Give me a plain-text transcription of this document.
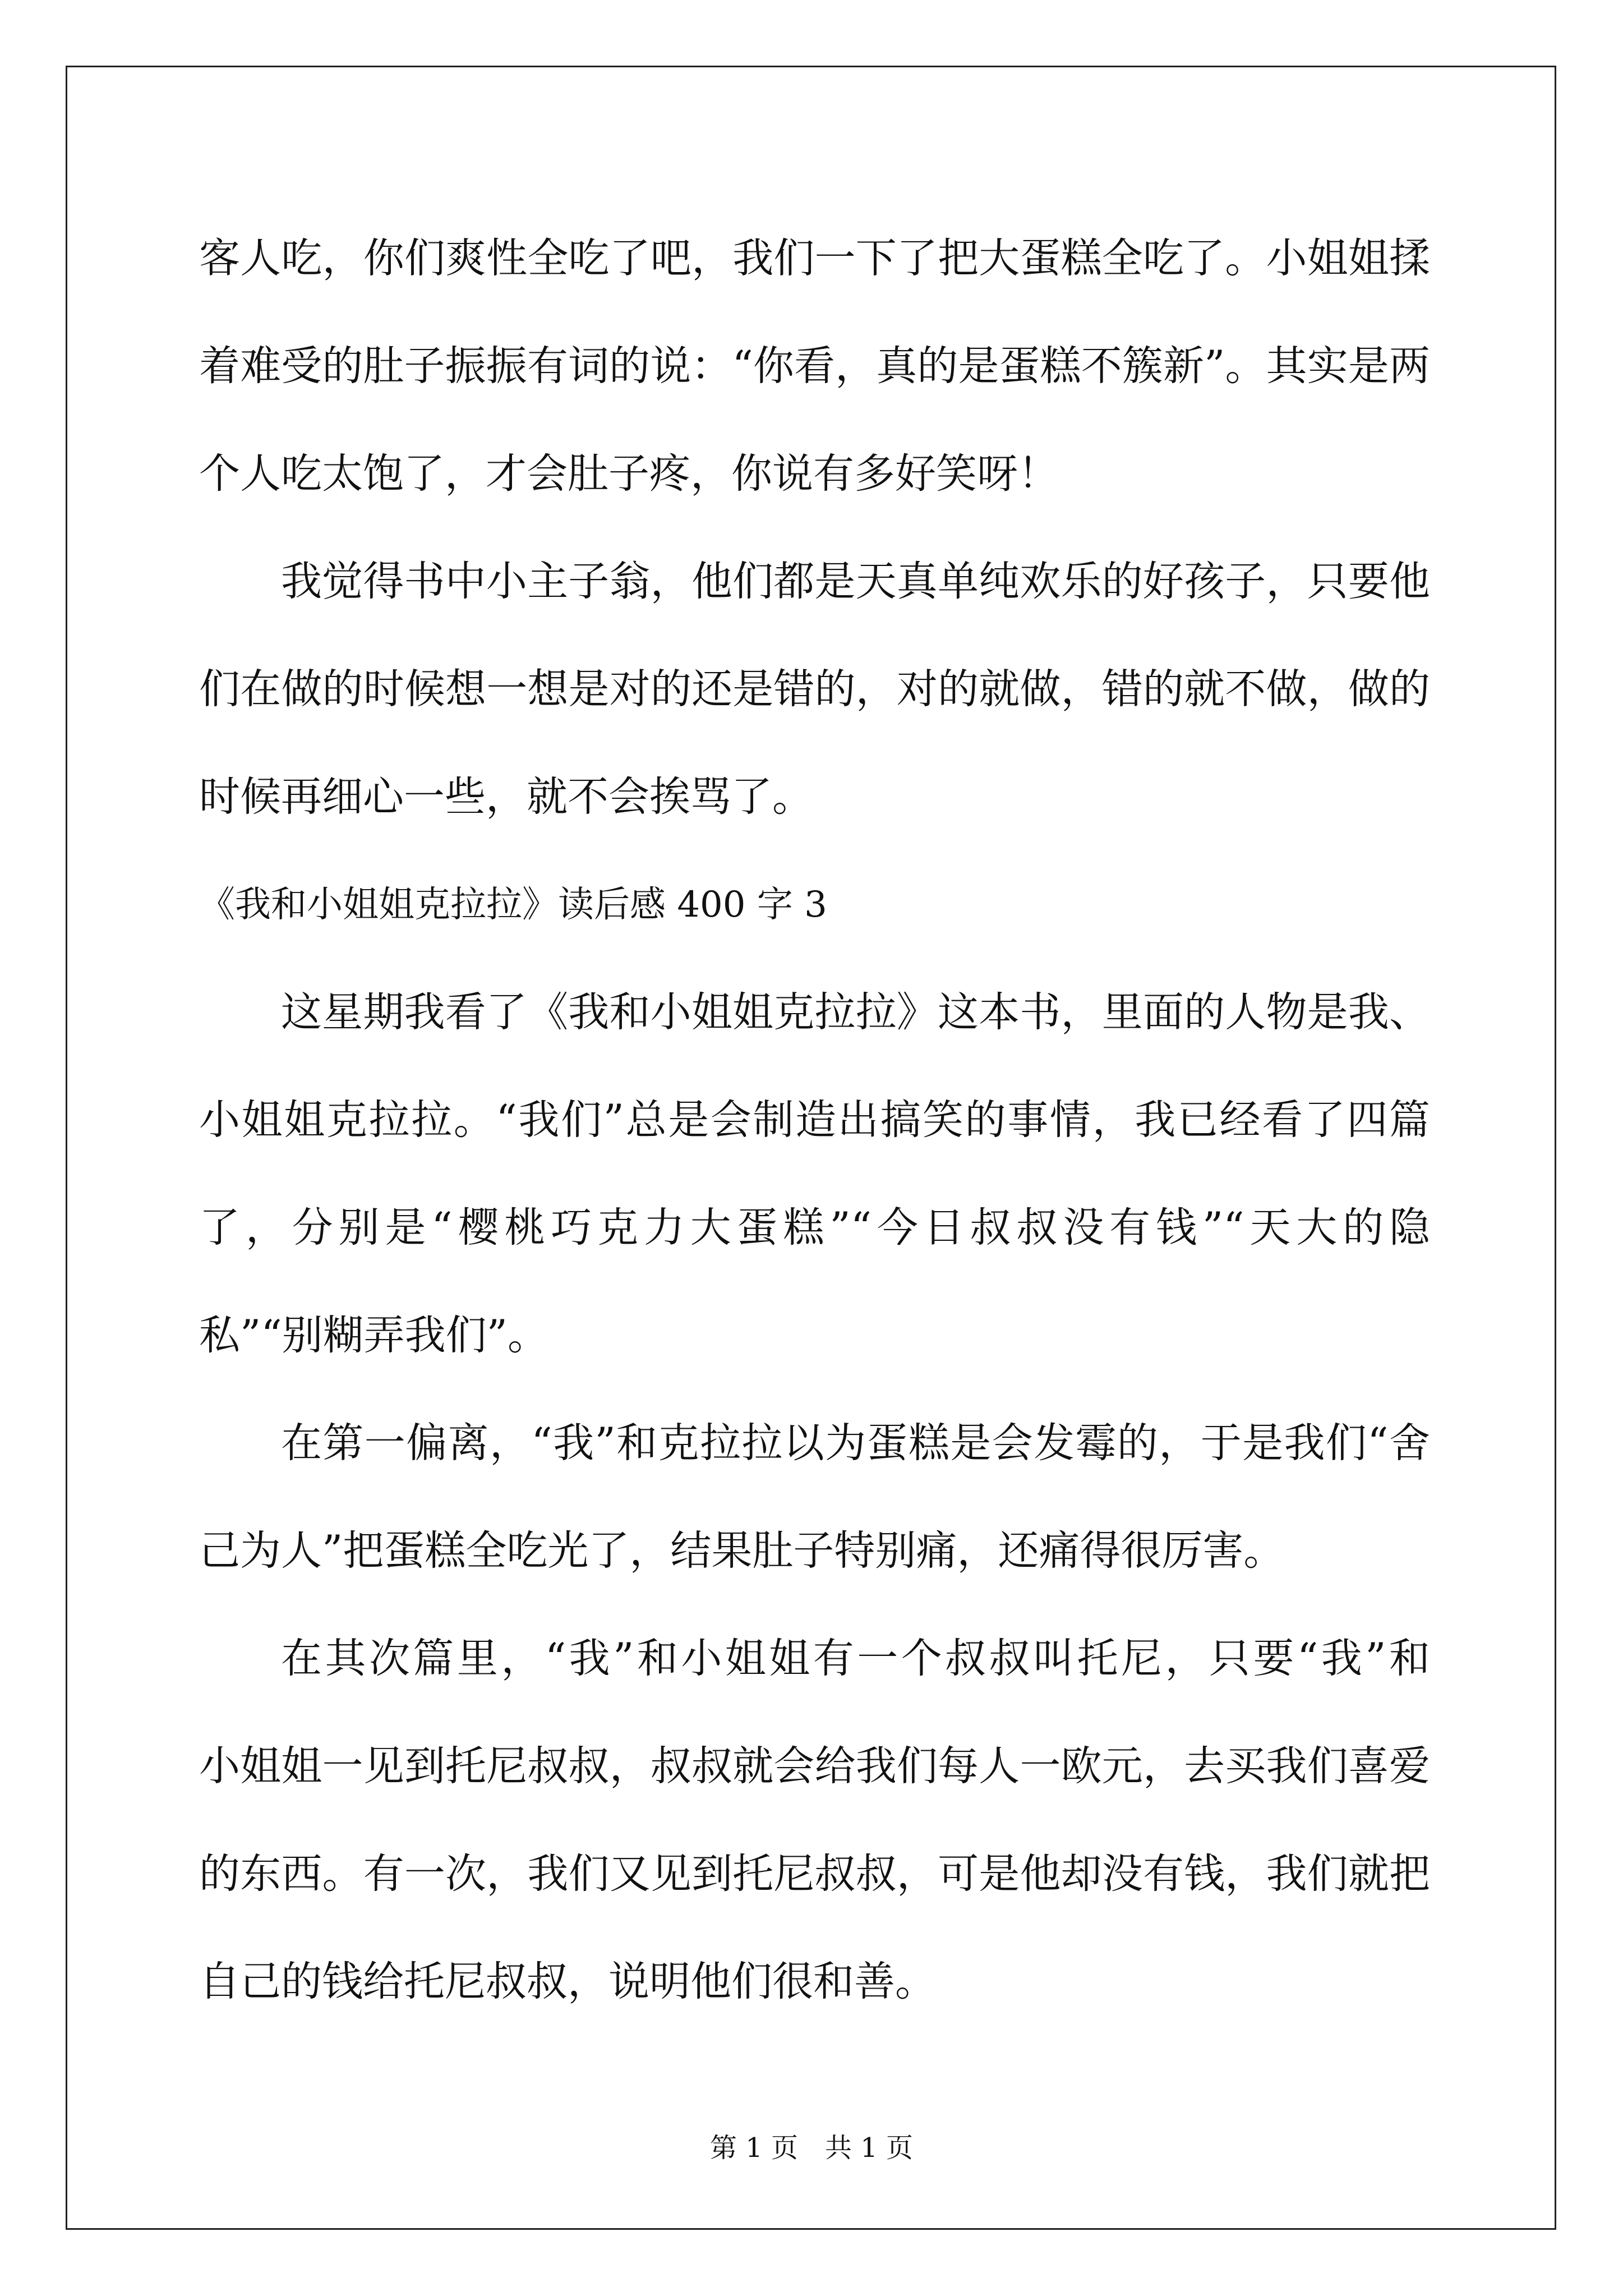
客人吃，你们爽性全吃了吧，我们一下了把大蛋糕全吃了。小姐姐揉
着难受的肚子振振有词的说：“你看，真的是蛋糕不簇新”。其实是两
个人吃太饱了，才会肚子疼，你说有多好笑呀！
我觉得书中小主子翁，他们都是天真单纯欢乐的好孩子，只要他
们在做的时候想一想是对的还是错的，对的就做，错的就不做，做的
时候再细心一些，就不会挨骂了。
《我和小姐姐克拉拉》读后感 400 字 3
这星期我看了《我和小姐姐克拉拉》这本书，里面的人物是我、
小姐姐克拉拉。“我们”总是会制造出搞笑的事情，我已经看了四篇
了，分别是“樱桃巧克力大蛋糕”“今日叔叔没有钱”“天大的隐
私”“别糊弄我们”。
在第一偏离，“我”和克拉拉以为蛋糕是会发霉的，于是我们“舍
己为人”把蛋糕全吃光了，结果肚子特别痛，还痛得很厉害。
在其次篇里，“我”和小姐姐有一个叔叔叫托尼，只要“我”和
小姐姐一见到托尼叔叔，叔叔就会给我们每人一欧元，去买我们喜爱
的东西。有一次，我们又见到托尼叔叔，可是他却没有钱，我们就把
自己的钱给托尼叔叔，说明他们很和善。
第 1 页　共 1 页
